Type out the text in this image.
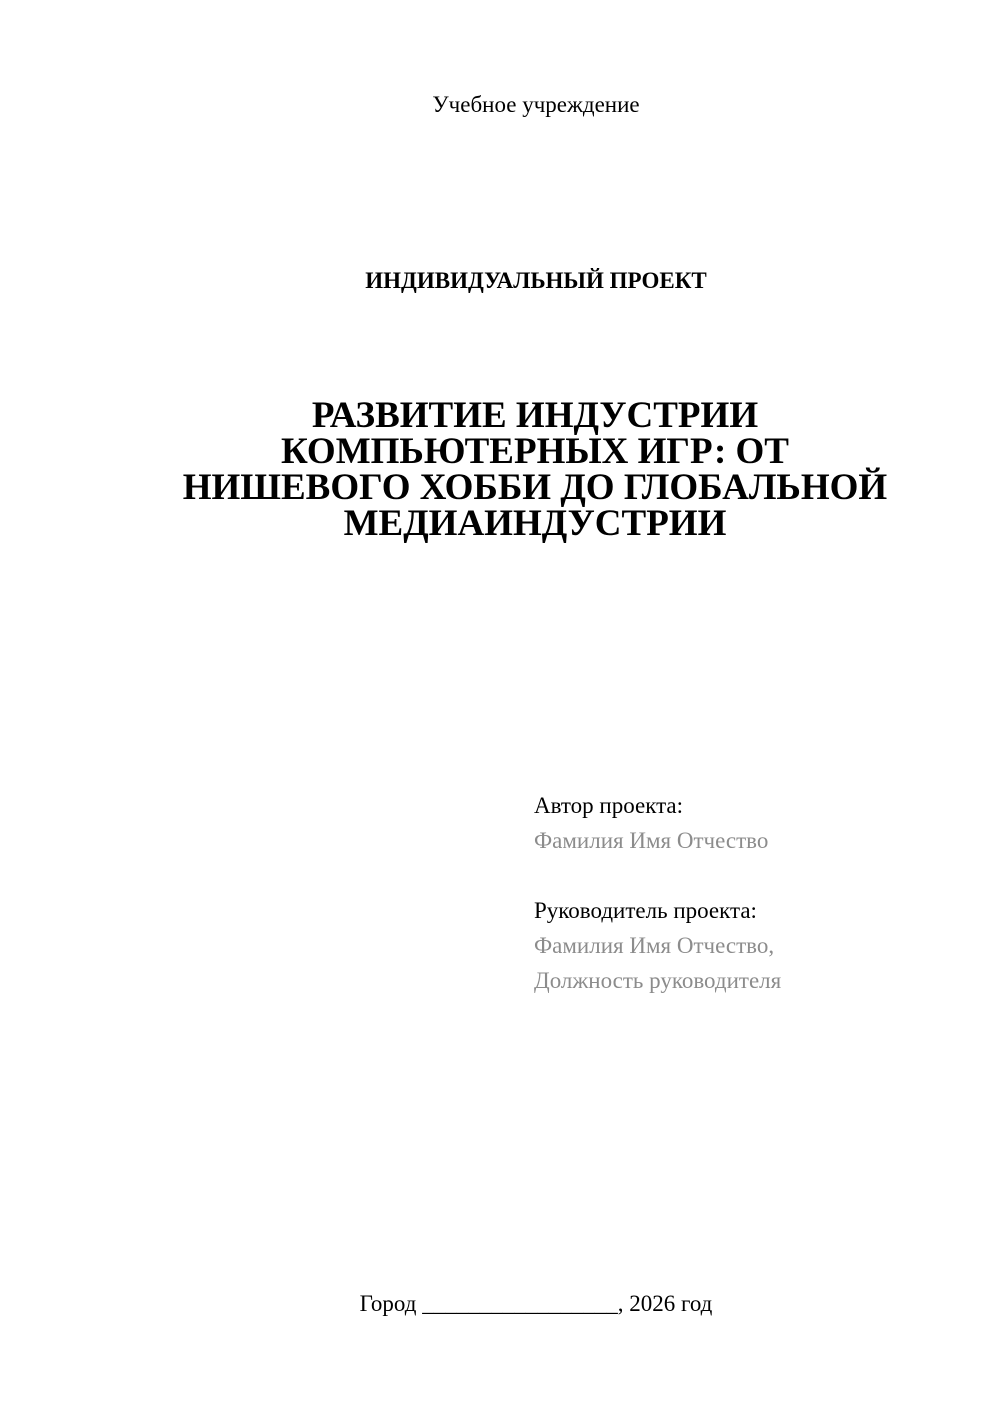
Учебное учреждение
ИНДИВИДУАЛЬНЫЙ ПРОЕКТ
РАЗВИТИЕ ИНДУСТРИИ
КОМПЬЮТЕРНЫХ ИГР: ОТ
НИШЕВОГО ХОББИ ДО ГЛОБАЛЬНОЙ
МЕДИАИНДУСТРИИ
Автор проекта:
Фамилия Имя Отчество
Руководитель проекта:
Фамилия Имя Отчество,
Должность руководителя
Город _________________, 2026 год
